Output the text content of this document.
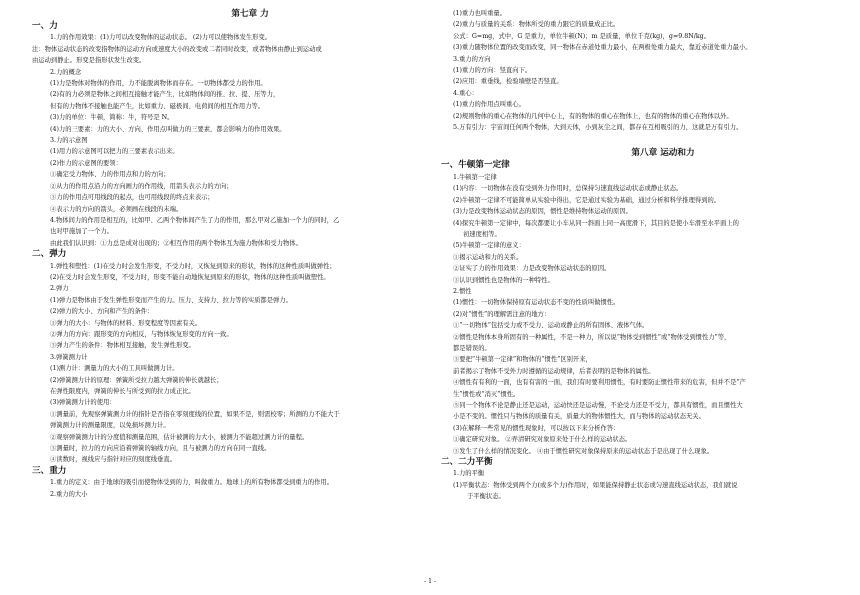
第七章 力
一、力
1.力的作用效果：(1)力可以改变物体的运动状态。 (2)力可以使物体发生形变。
注：物体运动状态的改变指物体的运动方向或速度大小的改变或二者同时改变，或者物体由静止到运动或
由运动到静止。形变是指形状发生改变。
2.力的概念
(1)力是物体对物体的作用，力不能脱离物体而存在。一切物体都受力的作用。
(2)有的力必须是物体之间相互接触才能产生，比如物体间的推、拉、提、压等力，
但有的力物体不接触也能产生，比如重力、磁极间、电荷间的相互作用力等。
(3)力的单位：牛顿，简称：牛，符号是 N。
(4)力的三要素：力的大小、方向、作用点叫做力的三要素，都会影响力的作用效果。
3.力的示意图
(1)用力的示意图可以把力的三要素表示出来。
(2)作力的示意图的要领：
①确定受力物体、力的作用点和力的方向；
②从力的作用点沿力的方向画力的作用线，用箭头表示力的方向；
③力的作用点可用线段的起点，也可用线段的终点来表示；
④表示力的方向的箭头，必须画在线段的末端。
4.物体间力的作用是相互的，比如甲、乙两个物体间产生了力的作用，那么甲对乙施加一个力的同时，乙
也对甲施加了一个力。
由此我们认识到：①力总是成对出现的；②相互作用的两个物体互为施力物体和受力物体。
二、弹力
1.弹性和塑性：(1)在受力时会发生形变，不受力时，又恢复到原来的形状，物体的这种性质叫做弹性；
(2)在受力时会发生形变，不受力时，形变不能自动地恢复到原来的形状，物体的这种性质叫做塑性。
2.弹力
(1)弹力是物体由于发生弹性形变而产生的力。压力、支持力、拉力等的实质都是弹力。
(2)弹力的大小、方向和产生的条件：
①弹力的大小：与物体的材料、形变程度等因素有关。
②弹力的方向：跟形变的方向相反，与物体恢复形变的方向一致。
③弹力产生的条件：物体相互接触，发生弹性形变。
3.弹簧测力计
(1)测力计：测量力的大小的工具叫做测力计。
(2)弹簧测力计的原理：弹簧所受拉力越大弹簧的伸长就越长；
在弹性限度内，弹簧的伸长与所受到的拉力成正比。
(3)弹簧测力计的使用：
①测量前，先观察弹簧测力计的指针是否指在零刻度线的位置，如果不是，则需校零；所测的力不能大于
弹簧测力计的测量限度，以免损坏测力计。
②观察弹簧测力计的分度值和测量范围，估计被测的力大小，被测力不能超过测力计的量程。
③测量时，拉力的方向应沿着弹簧的轴线方向，且与被测力的方向在同一直线。
④读数时，视线应与指针对应的刻度线垂直。
三、重力
1.重力的定义：由于地球的吸引而使物体受到的力，叫做重力。地球上的所有物体都受到重力的作用。
2.重力的大小
(1)重力也叫重量。
(2)重力与质量的关系：物体所受的重力跟它的质量成正比。
公式：G=mg，式中，G 是重力，单位牛顿(N)；m 是质量，单位千克(kg)，g=9.8N/kg。
(3)重力随物体位置的改变而改变，同一物体在赤道处重力最小，在两极处重力最大，靠近赤道处重力最小。
3.重力的方向
(1)重力的方向：竖直向下。
(2)应用：重垂线，检验墙壁是否竖直。
4.重心：
(1)重力的作用点叫重心。
(2)规则物体的重心在物体的几何中心上，有的物体的重心在物体上，也有的物体的重心在物体以外。
5.万有引力：宇宙间任何两个物体，大到天体，小到灰尘之间，都存在互相吸引的力，这就是万有引力。
第八章 运动和力
一、牛顿第一定律
1.牛顿第一定律
(1)内容：一切物体在没有受到外力作用时，总保持匀速直线运动状态或静止状态。
(2)牛顿第一定律不可能简单从实验中得出，它是通过实验为基础，通过分析和科学推理得到的。
(3)力是改变物体运动状态的原因，惯性是维持物体运动的原因。
(4)探究牛顿第一定律中，每次都要让小车从同一斜面上同一高度滑下，其目的是使小车滑至水平面上的
初速度相等。
(5)牛顿第一定律的意义：
①揭示运动和力的关系。
②证实了力的作用效果：力是改变物体运动状态的原因。
③认识到惯性也是物体的一种特性。
2.惯性
(1)惯性：一切物体保持原有运动状态不变的性质叫做惯性。
(2)对“惯性”的理解需注意的地方：
①“一切物体”包括受力或不受力、运动或静止的所有固体、液体气体。
②惯性是物体本身所固有的一种属性，不是一种力，所以说“物体受到惯性”或“物体受到惯性力”等，
都是错误的。
③要把“牛顿第一定律”和物体的“惯性”区别开来，
前者揭示了物体不受外力时遵循的运动规律，后者表明的是物体的属性。
④惯性有有利的一面，也有有害的一面，我们有时要利用惯性，有时要防止惯性带来的危害，但并不是“产
生”惯性或“消灭”惯性。
⑤同一个物体不论是静止还是运动，运动快还是运动慢，不论受力还是不受力，都具有惯性，而且惯性大
小是不变的。惯性只与物体的质量有关，质量大的物体惯性大，而与物体的运动状态无关。
(3)在解释一些常见的惯性现象时，可以按以下来分析作答：
①确定研究对象。 ②弄清研究对象原来处于什么样的运动状态。
③发生了什么样的情况变化。 ④由于惯性研究对象保持原来的运动状态于是出现了什么现象。
二、二力平衡
1.力的平衡
(1)平衡状态：物体受到两个力(或多个力)作用时，如果能保持静止状态或匀速直线运动状态，我们就说
于平衡状态。
- 1 -
